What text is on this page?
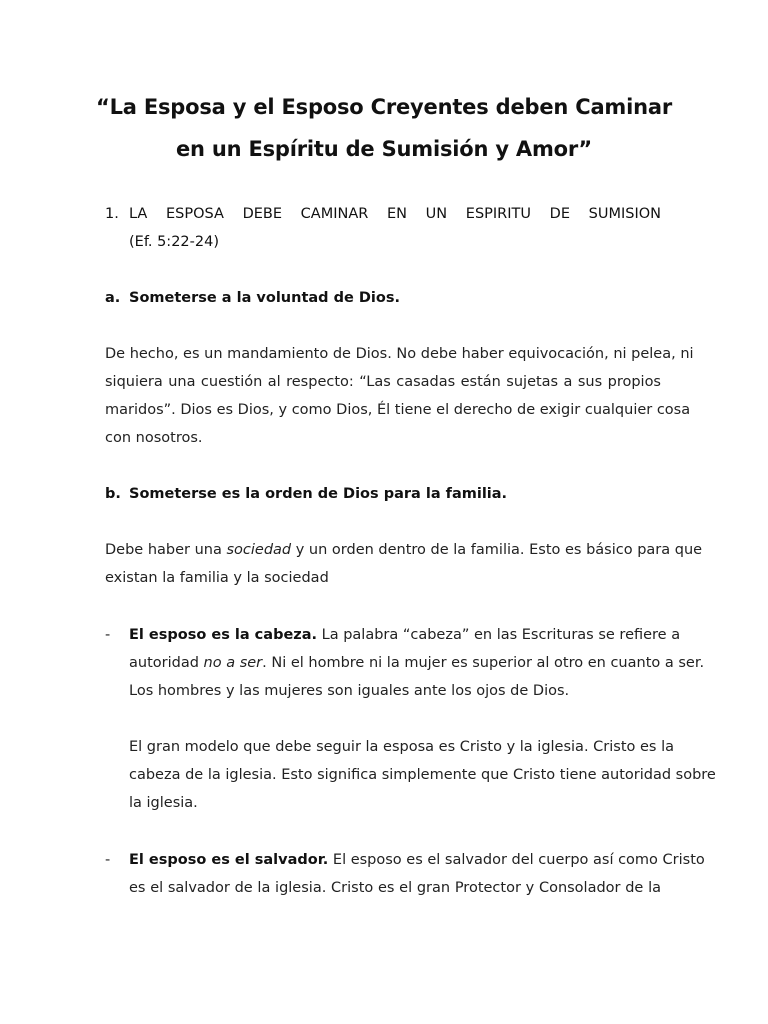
“La Esposa y el Esposo Creyentes deben Caminar
en un Espíritu de Sumisión y Amor”
1. LA ESPOSA DEBE CAMINAR EN UN ESPIRITU DE SUMISION
(Ef. 5:22-24)
a. Someterse a la voluntad de Dios.
De hecho, es un mandamiento de Dios. No debe haber equivocación, ni pelea, ni
siquiera una cuestión al respecto: “Las casadas están sujetas a sus propios
maridos”. Dios es Dios, y como Dios, Él tiene el derecho de exigir cualquier cosa
con nosotros.
b. Someterse es la orden de Dios para la familia.
Debe haber una sociedad y un orden dentro de la familia. Esto es básico para que
existan la familia y la sociedad
-	El esposo es la cabeza. La palabra “cabeza” en las Escrituras se refiere a
autoridad no a ser. Ni el hombre ni la mujer es superior al otro en cuanto a ser.
Los hombres y las mujeres son iguales ante los ojos de Dios.
El gran modelo que debe seguir la esposa es Cristo y la iglesia. Cristo es la
cabeza de la iglesia. Esto significa simplemente que Cristo tiene autoridad sobre
la iglesia.
-	El esposo es el salvador. El esposo es el salvador del cuerpo así como Cristo
es el salvador de la iglesia. Cristo es el gran Protector y Consolador de la
